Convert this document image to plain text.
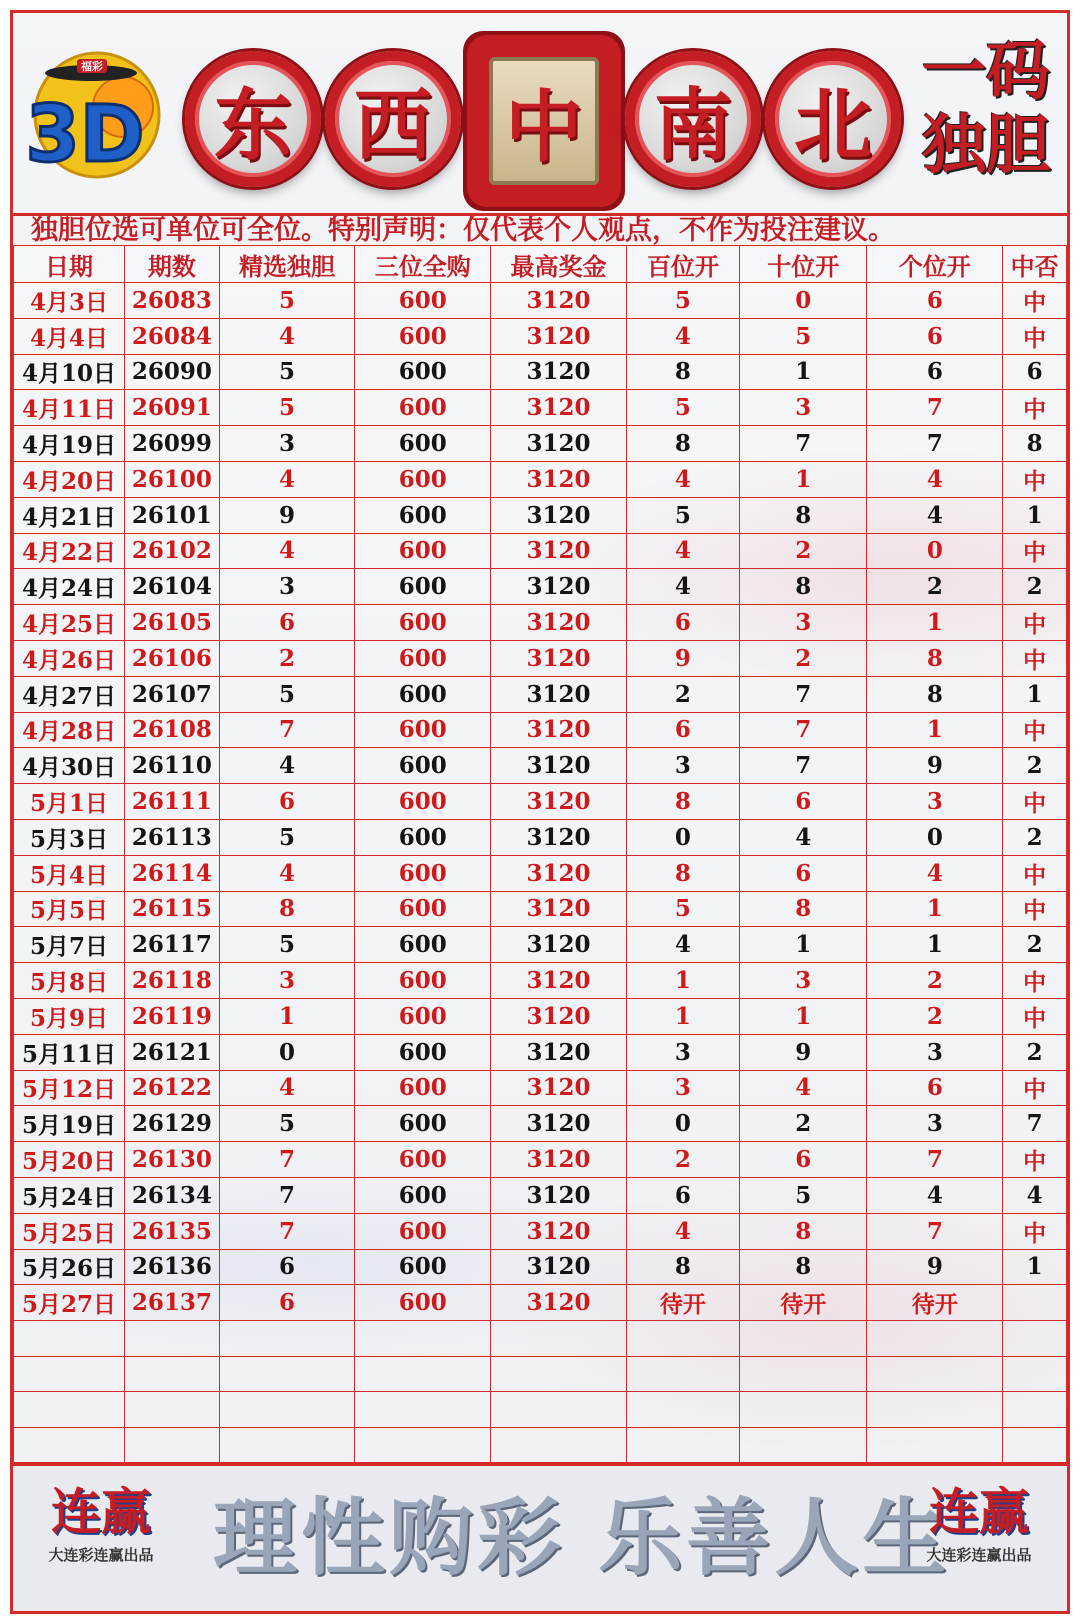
福彩
3D 东 西 中 南 北
一码
独胆
独胆位选可单位可全位。特别声明：仅代表个人观点，不作为投注建议。
日期	期数	精选独胆	三位全购	最高奖金	百位开	十位开	个位开	中否
4月3日	26083	5	600	3120	5	0	6	中
4月4日	26084	4	600	3120	4	5	6	中
4月10日	26090	5	600	3120	8	1	6	6
4月11日	26091	5	600	3120	5	3	7	中
4月19日	26099	3	600	3120	8	7	7	8
4月20日	26100	4	600	3120	4	1	4	中
4月21日	26101	9	600	3120	5	8	4	1
4月22日	26102	4	600	3120	4	2	0	中
4月24日	26104	3	600	3120	4	8	2	2
4月25日	26105	6	600	3120	6	3	1	中
4月26日	26106	2	600	3120	9	2	8	中
4月27日	26107	5	600	3120	2	7	8	1
4月28日	26108	7	600	3120	6	7	1	中
4月30日	26110	4	600	3120	3	7	9	2
5月1日	26111	6	600	3120	8	6	3	中
5月3日	26113	5	600	3120	0	4	0	2
5月4日	26114	4	600	3120	8	6	4	中
5月5日	26115	8	600	3120	5	8	1	中
5月7日	26117	5	600	3120	4	1	1	2
5月8日	26118	3	600	3120	1	3	2	中
5月9日	26119	1	600	3120	1	1	2	中
5月11日	26121	0	600	3120	3	9	3	2
5月12日	26122	4	600	3120	3	4	6	中
5月19日	26129	5	600	3120	0	2	3	7
5月20日	26130	7	600	3120	2	6	7	中
5月24日	26134	7	600	3120	6	5	4	4
5月25日	26135	7	600	3120	4	8	7	中
5月26日	26136	6	600	3120	8	8	9	1
5月27日	26137	6	600	3120	待开	待开	待开	

连赢
大连彩连赢出品 理性购彩 乐善人生
连赢
大连彩连赢出品
